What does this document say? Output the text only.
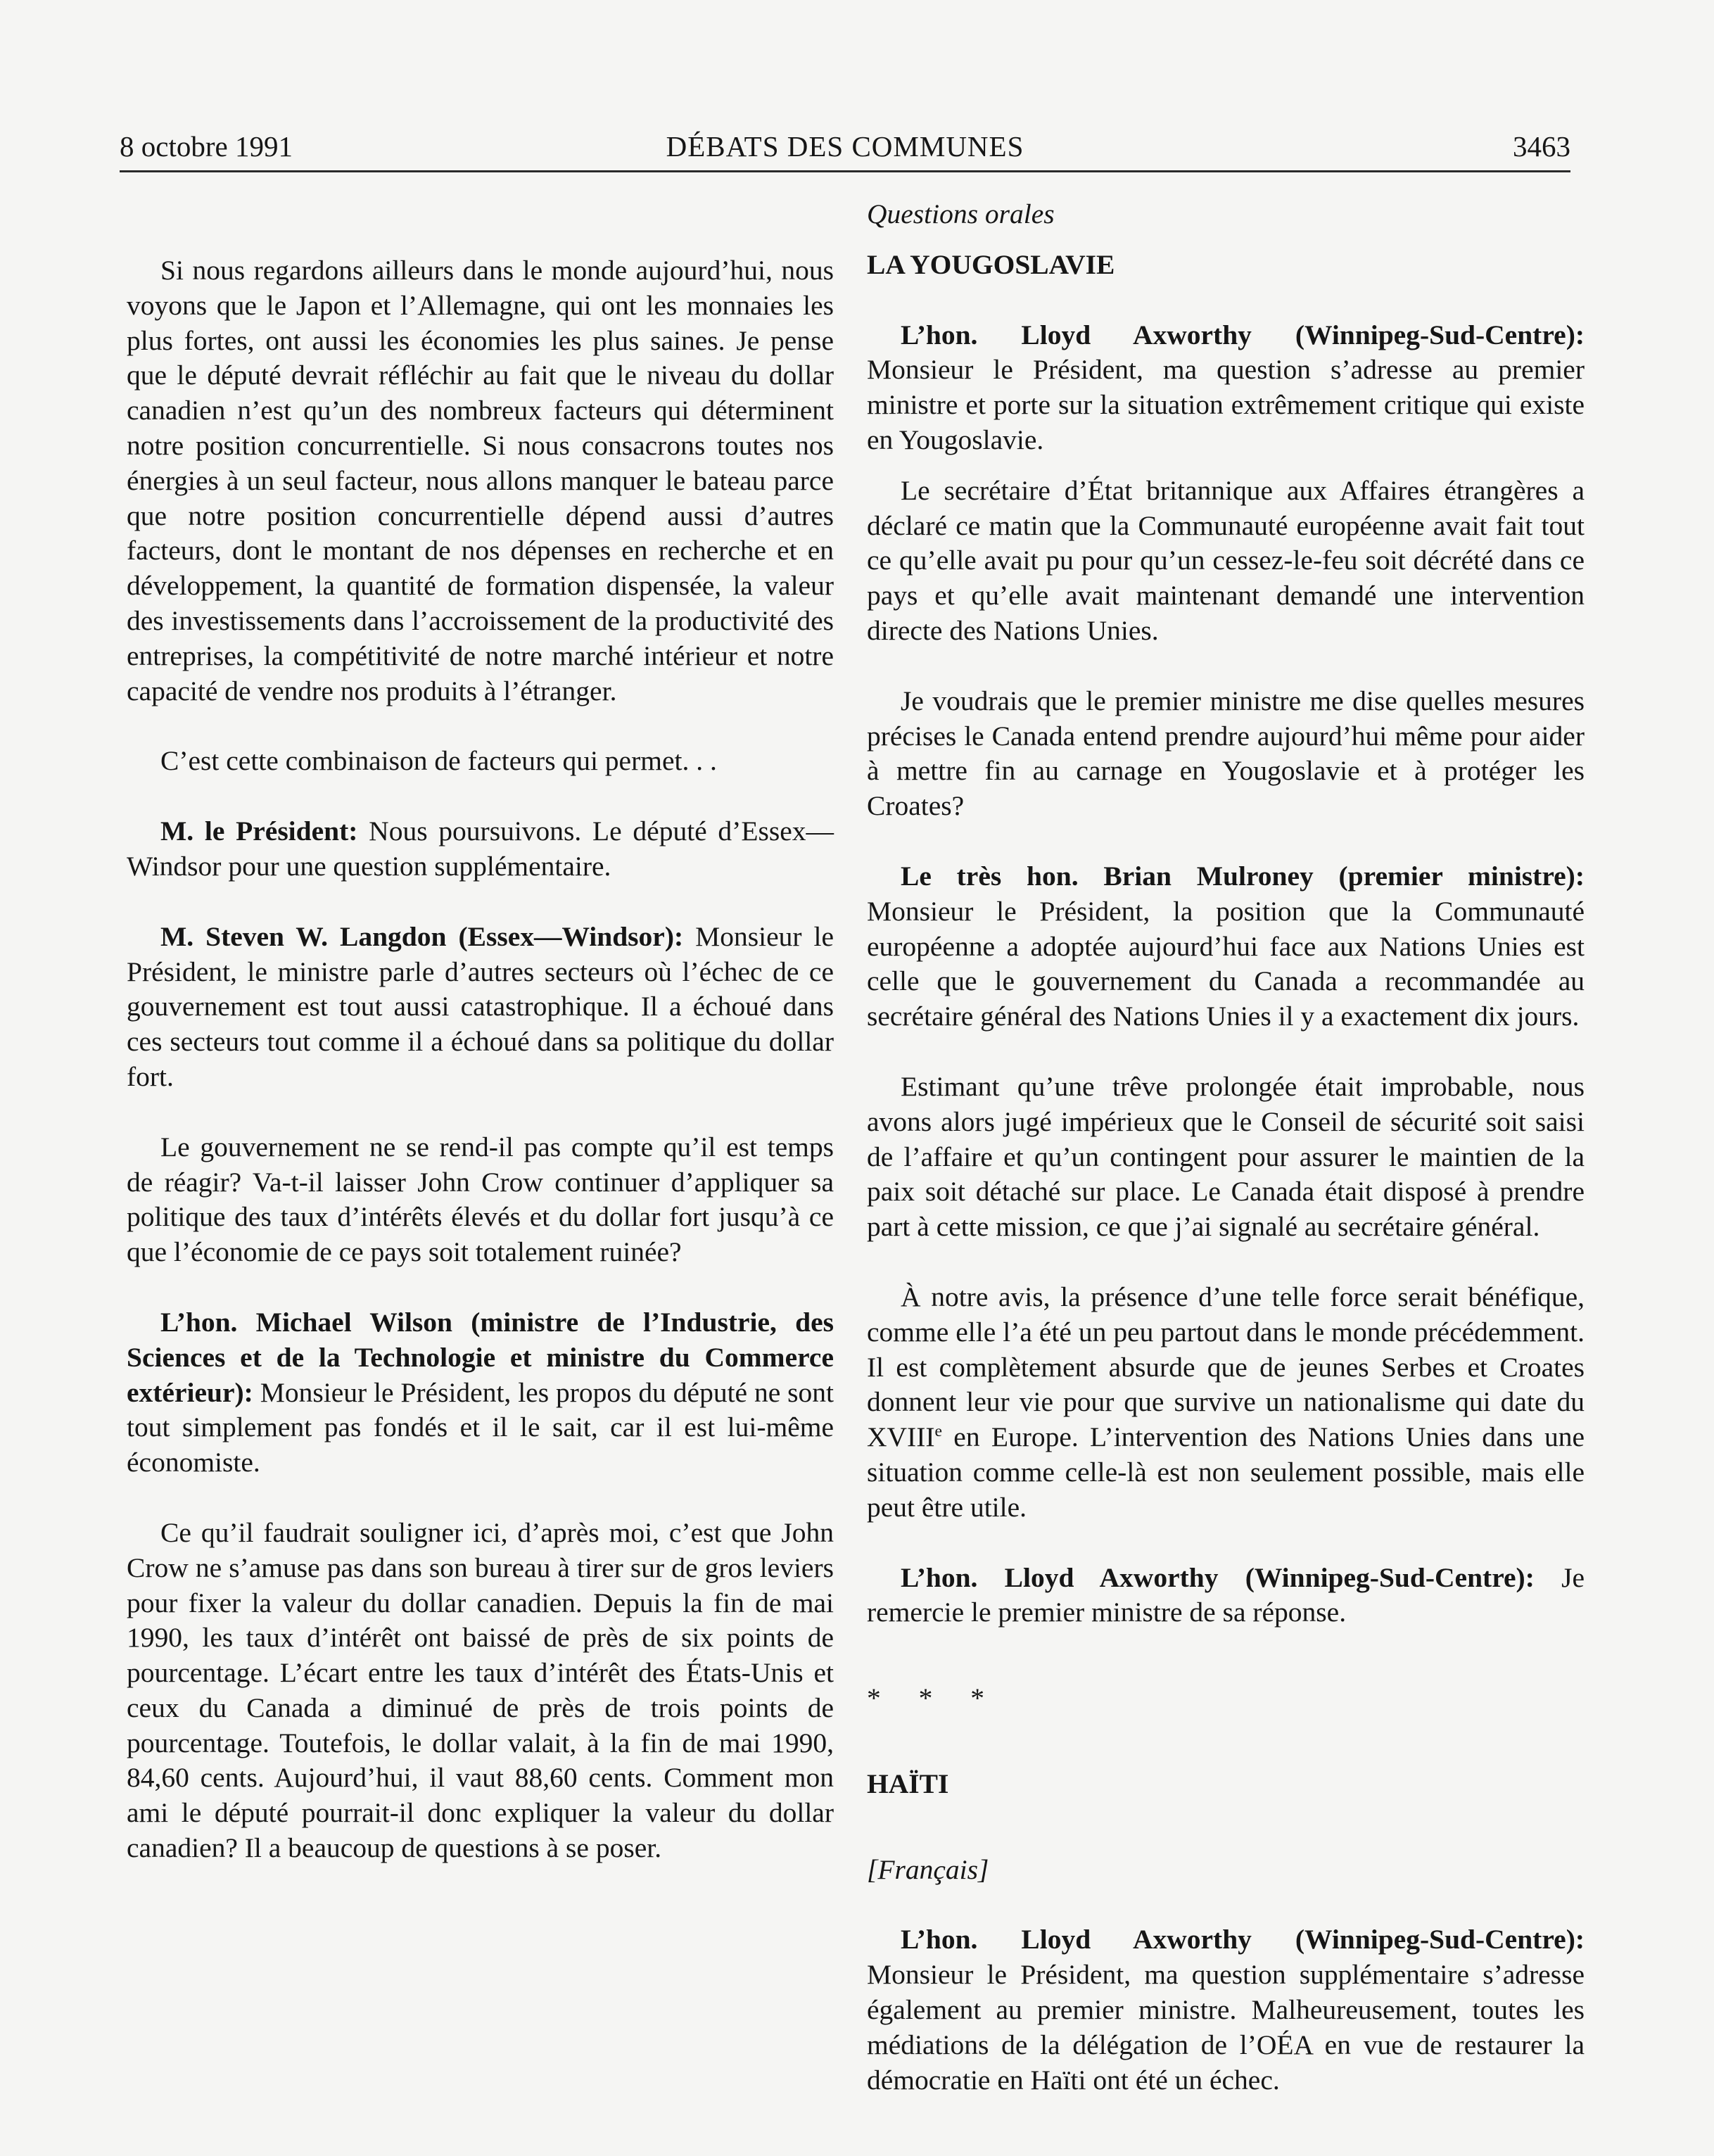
8 octobre 1991	DÉBATS DES COMMUNES	3463

Si nous regardons ailleurs dans le monde aujourd’hui, nous voyons que le Japon et l’Allemagne, qui ont les monnaies les plus fortes, ont aussi les économies les plus saines. Je pense que le député devrait réfléchir au fait que le niveau du dollar canadien n’est qu’un des nombreux facteurs qui déterminent notre position concurrentielle. Si nous consacrons toutes nos énergies à un seul facteur, nous allons manquer le bateau parce que notre position concurrentielle dépend aussi d’autres facteurs, dont le montant de nos dépenses en recherche et en développement, la quantité de formation dispensée, la valeur des investissements dans l’accroissement de la productivité des entreprises, la compétitivité de notre marché intérieur et notre capacité de vendre nos produits à l’étranger.

C’est cette combinaison de facteurs qui permet. . .

M. le Président: Nous poursuivons. Le député d’Essex—Windsor pour une question supplémentaire.

M. Steven W. Langdon (Essex—Windsor): Monsieur le Président, le ministre parle d’autres secteurs où l’échec de ce gouvernement est tout aussi catastrophique. Il a échoué dans ces secteurs tout comme il a échoué dans sa politique du dollar fort.

Le gouvernement ne se rend-il pas compte qu’il est temps de réagir? Va-t-il laisser John Crow continuer d’appliquer sa politique des taux d’intérêts élevés et du dollar fort jusqu’à ce que l’économie de ce pays soit totalement ruinée?

L’hon. Michael Wilson (ministre de l’Industrie, des Sciences et de la Technologie et ministre du Commerce extérieur): Monsieur le Président, les propos du député ne sont tout simplement pas fondés et il le sait, car il est lui-même économiste.

Ce qu’il faudrait souligner ici, d’après moi, c’est que John Crow ne s’amuse pas dans son bureau à tirer sur de gros leviers pour fixer la valeur du dollar canadien. Depuis la fin de mai 1990, les taux d’intérêt ont baissé de près de six points de pourcentage. L’écart entre les taux d’intérêt des États-Unis et ceux du Canada a diminué de près de trois points de pourcentage. Toutefois, le dollar valait, à la fin de mai 1990, 84,60 cents. Aujourd’hui, il vaut 88,60 cents. Comment mon ami le député pourrait-il donc expliquer la valeur du dollar canadien? Il a beaucoup de questions à se poser.

Questions orales

LA YOUGOSLAVIE

L’hon. Lloyd Axworthy (Winnipeg-Sud-Centre): Monsieur le Président, ma question s’adresse au premier ministre et porte sur la situation extrêmement critique qui existe en Yougoslavie.

Le secrétaire d’État britannique aux Affaires étrangères a déclaré ce matin que la Communauté européenne avait fait tout ce qu’elle avait pu pour qu’un cessez-le-feu soit décrété dans ce pays et qu’elle avait maintenant demandé une intervention directe des Nations Unies.

Je voudrais que le premier ministre me dise quelles mesures précises le Canada entend prendre aujourd’hui même pour aider à mettre fin au carnage en Yougoslavie et à protéger les Croates?

Le très hon. Brian Mulroney (premier ministre): Monsieur le Président, la position que la Communauté européenne a adoptée aujourd’hui face aux Nations Unies est celle que le gouvernement du Canada a recommandée au secrétaire général des Nations Unies il y a exactement dix jours.

Estimant qu’une trêve prolongée était improbable, nous avons alors jugé impérieux que le Conseil de sécurité soit saisi de l’affaire et qu’un contingent pour assurer le maintien de la paix soit détaché sur place. Le Canada était disposé à prendre part à cette mission, ce que j’ai signalé au secrétaire général.

À notre avis, la présence d’une telle force serait bénéfique, comme elle l’a été un peu partout dans le monde précédemment. Il est complètement absurde que de jeunes Serbes et Croates donnent leur vie pour que survive un nationalisme qui date du XVIIIe en Europe. L’intervention des Nations Unies dans une situation comme celle-là est non seulement possible, mais elle peut être utile.

L’hon. Lloyd Axworthy (Winnipeg-Sud-Centre): Je remercie le premier ministre de sa réponse.

* * *

HAÏTI

[Français]

L’hon. Lloyd Axworthy (Winnipeg-Sud-Centre): Monsieur le Président, ma question supplémentaire s’adresse également au premier ministre. Malheureusement, toutes les médiations de la délégation de l’OÉA en vue de restaurer la démocratie en Haïti ont été un échec.
